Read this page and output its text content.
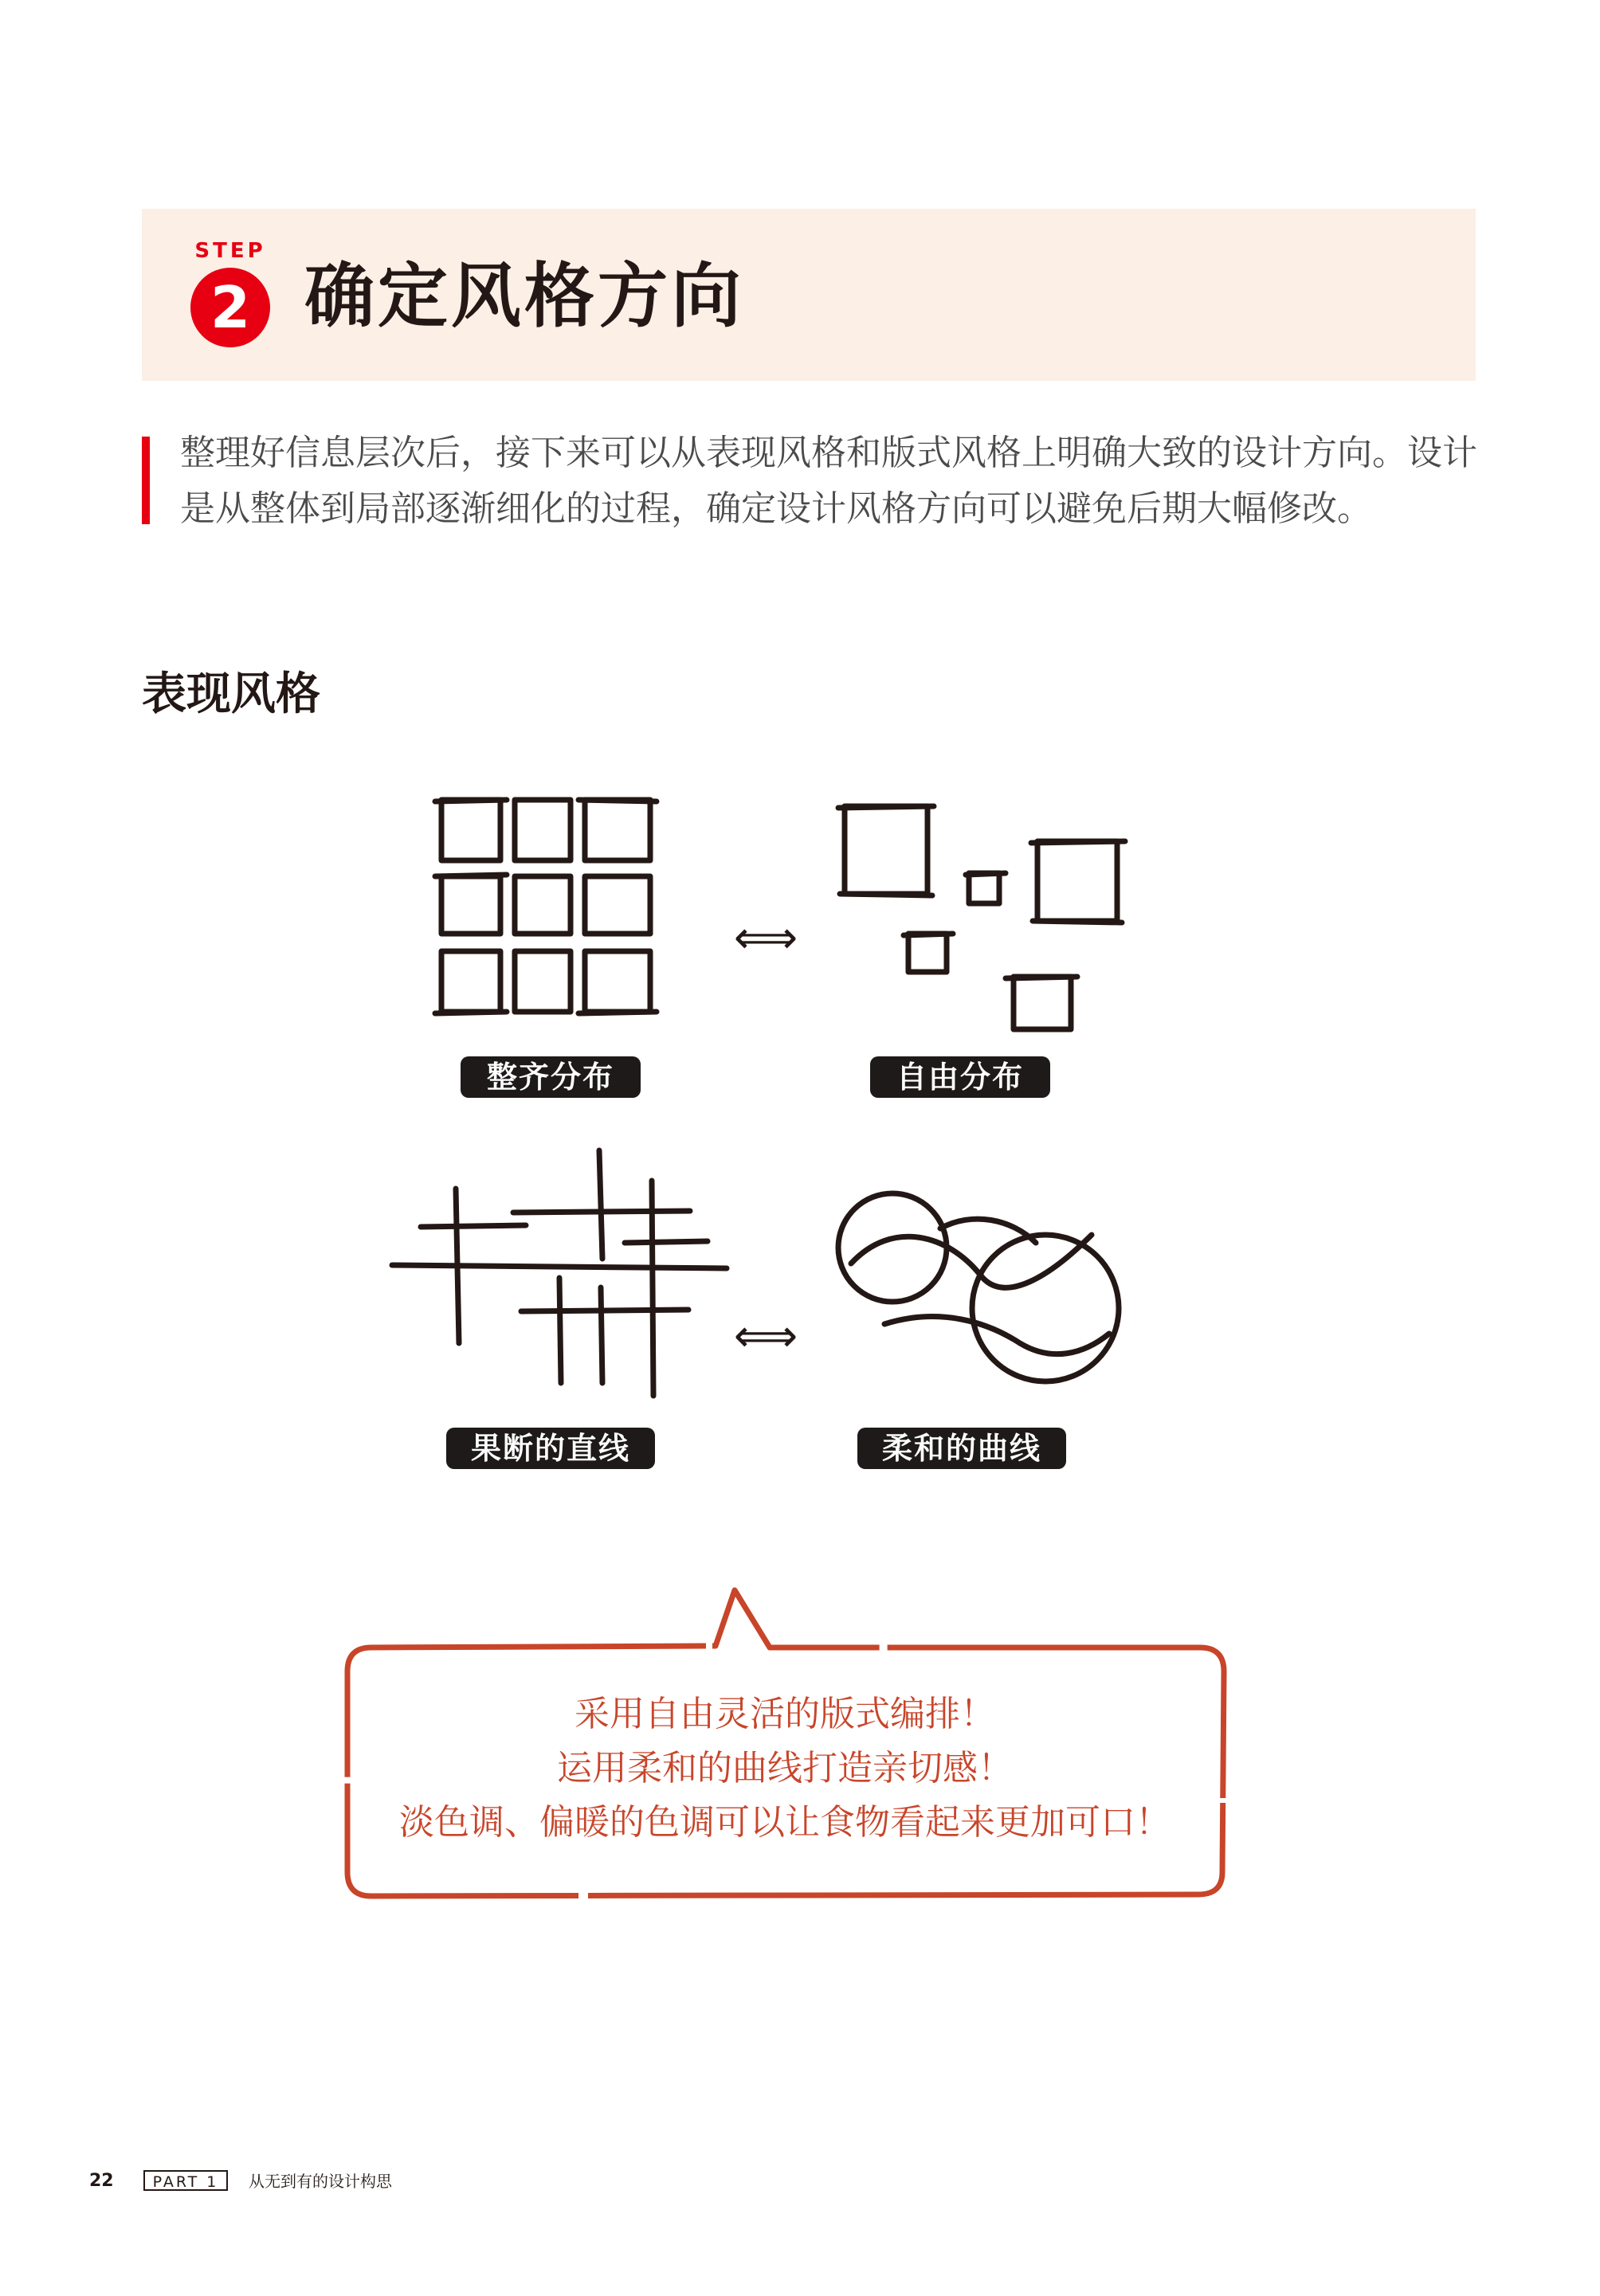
STEP
2 确定风格方向

整理好信息层次后，接下来可以从表现风格和版式风格上明确大致的设计方向。设计是从整体到局部逐渐细化的过程，确定设计风格方向可以避免后期大幅修改。

表现风格
⟺
整齐分布	自由分布
⟺
果断的直线	柔和的曲线
采用自由灵活的版式编排！
运用柔和的曲线打造亲切感！
淡色调、偏暖的色调可以让食物看起来更加可口！
22	PART 1	从无到有的设计构思
